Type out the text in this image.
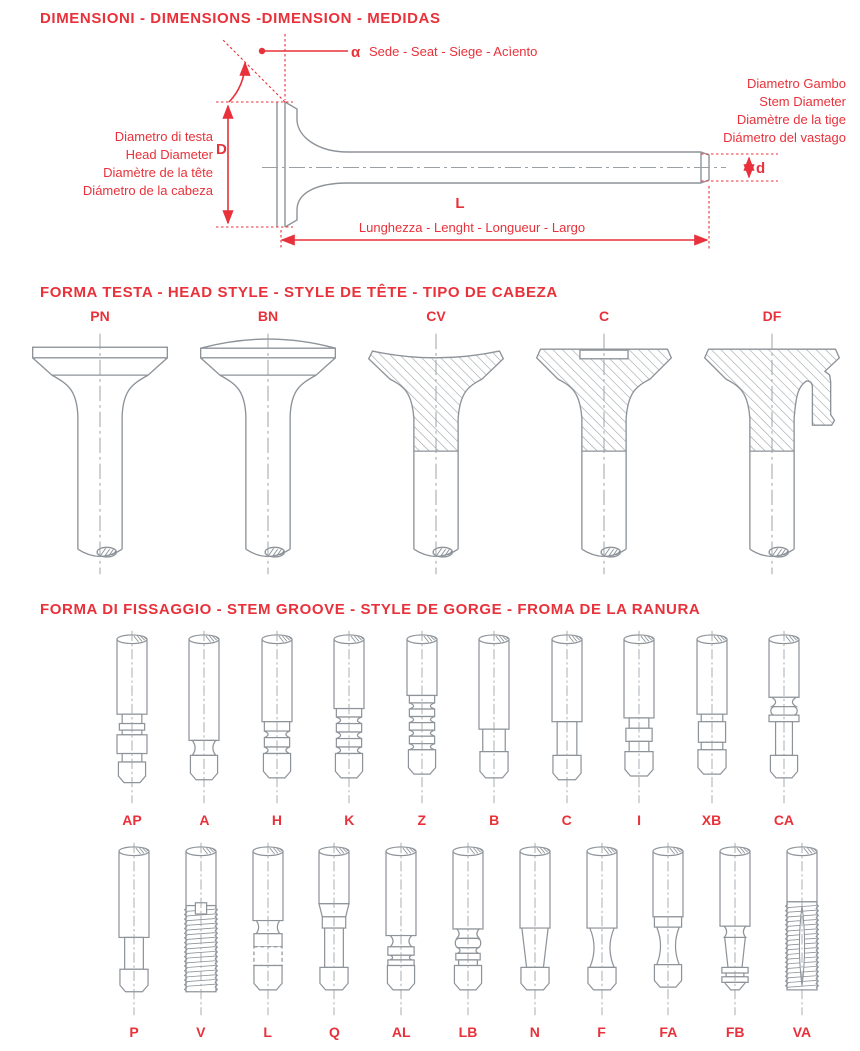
DIMENSIONI - DIMENSIONS -DIMENSION - MEDIDAS
α Sede - Seat - Siege - Acìento
Diametro di testa
Head Diameter
Diamètre de la tête
Diámetro de la cabeza
D
L
Lunghezza - Lenght - Longueur - Largo
Diametro Gambo
Stem Diameter
Diamètre de la tige
Diámetro del vastago
d
FORMA TESTA - HEAD STYLE - STYLE DE TÊTE - TIPO DE CABEZA
PN	BN	CV	C	DF
FORMA DI FISSAGGIO - STEM GROOVE - STYLE DE GORGE - FROMA DE LA RANURA
AP	A	H	K	Z	B	C	I	XB	CA
P	V	L	Q	AL	LB	N	F	FA	FB	VA
